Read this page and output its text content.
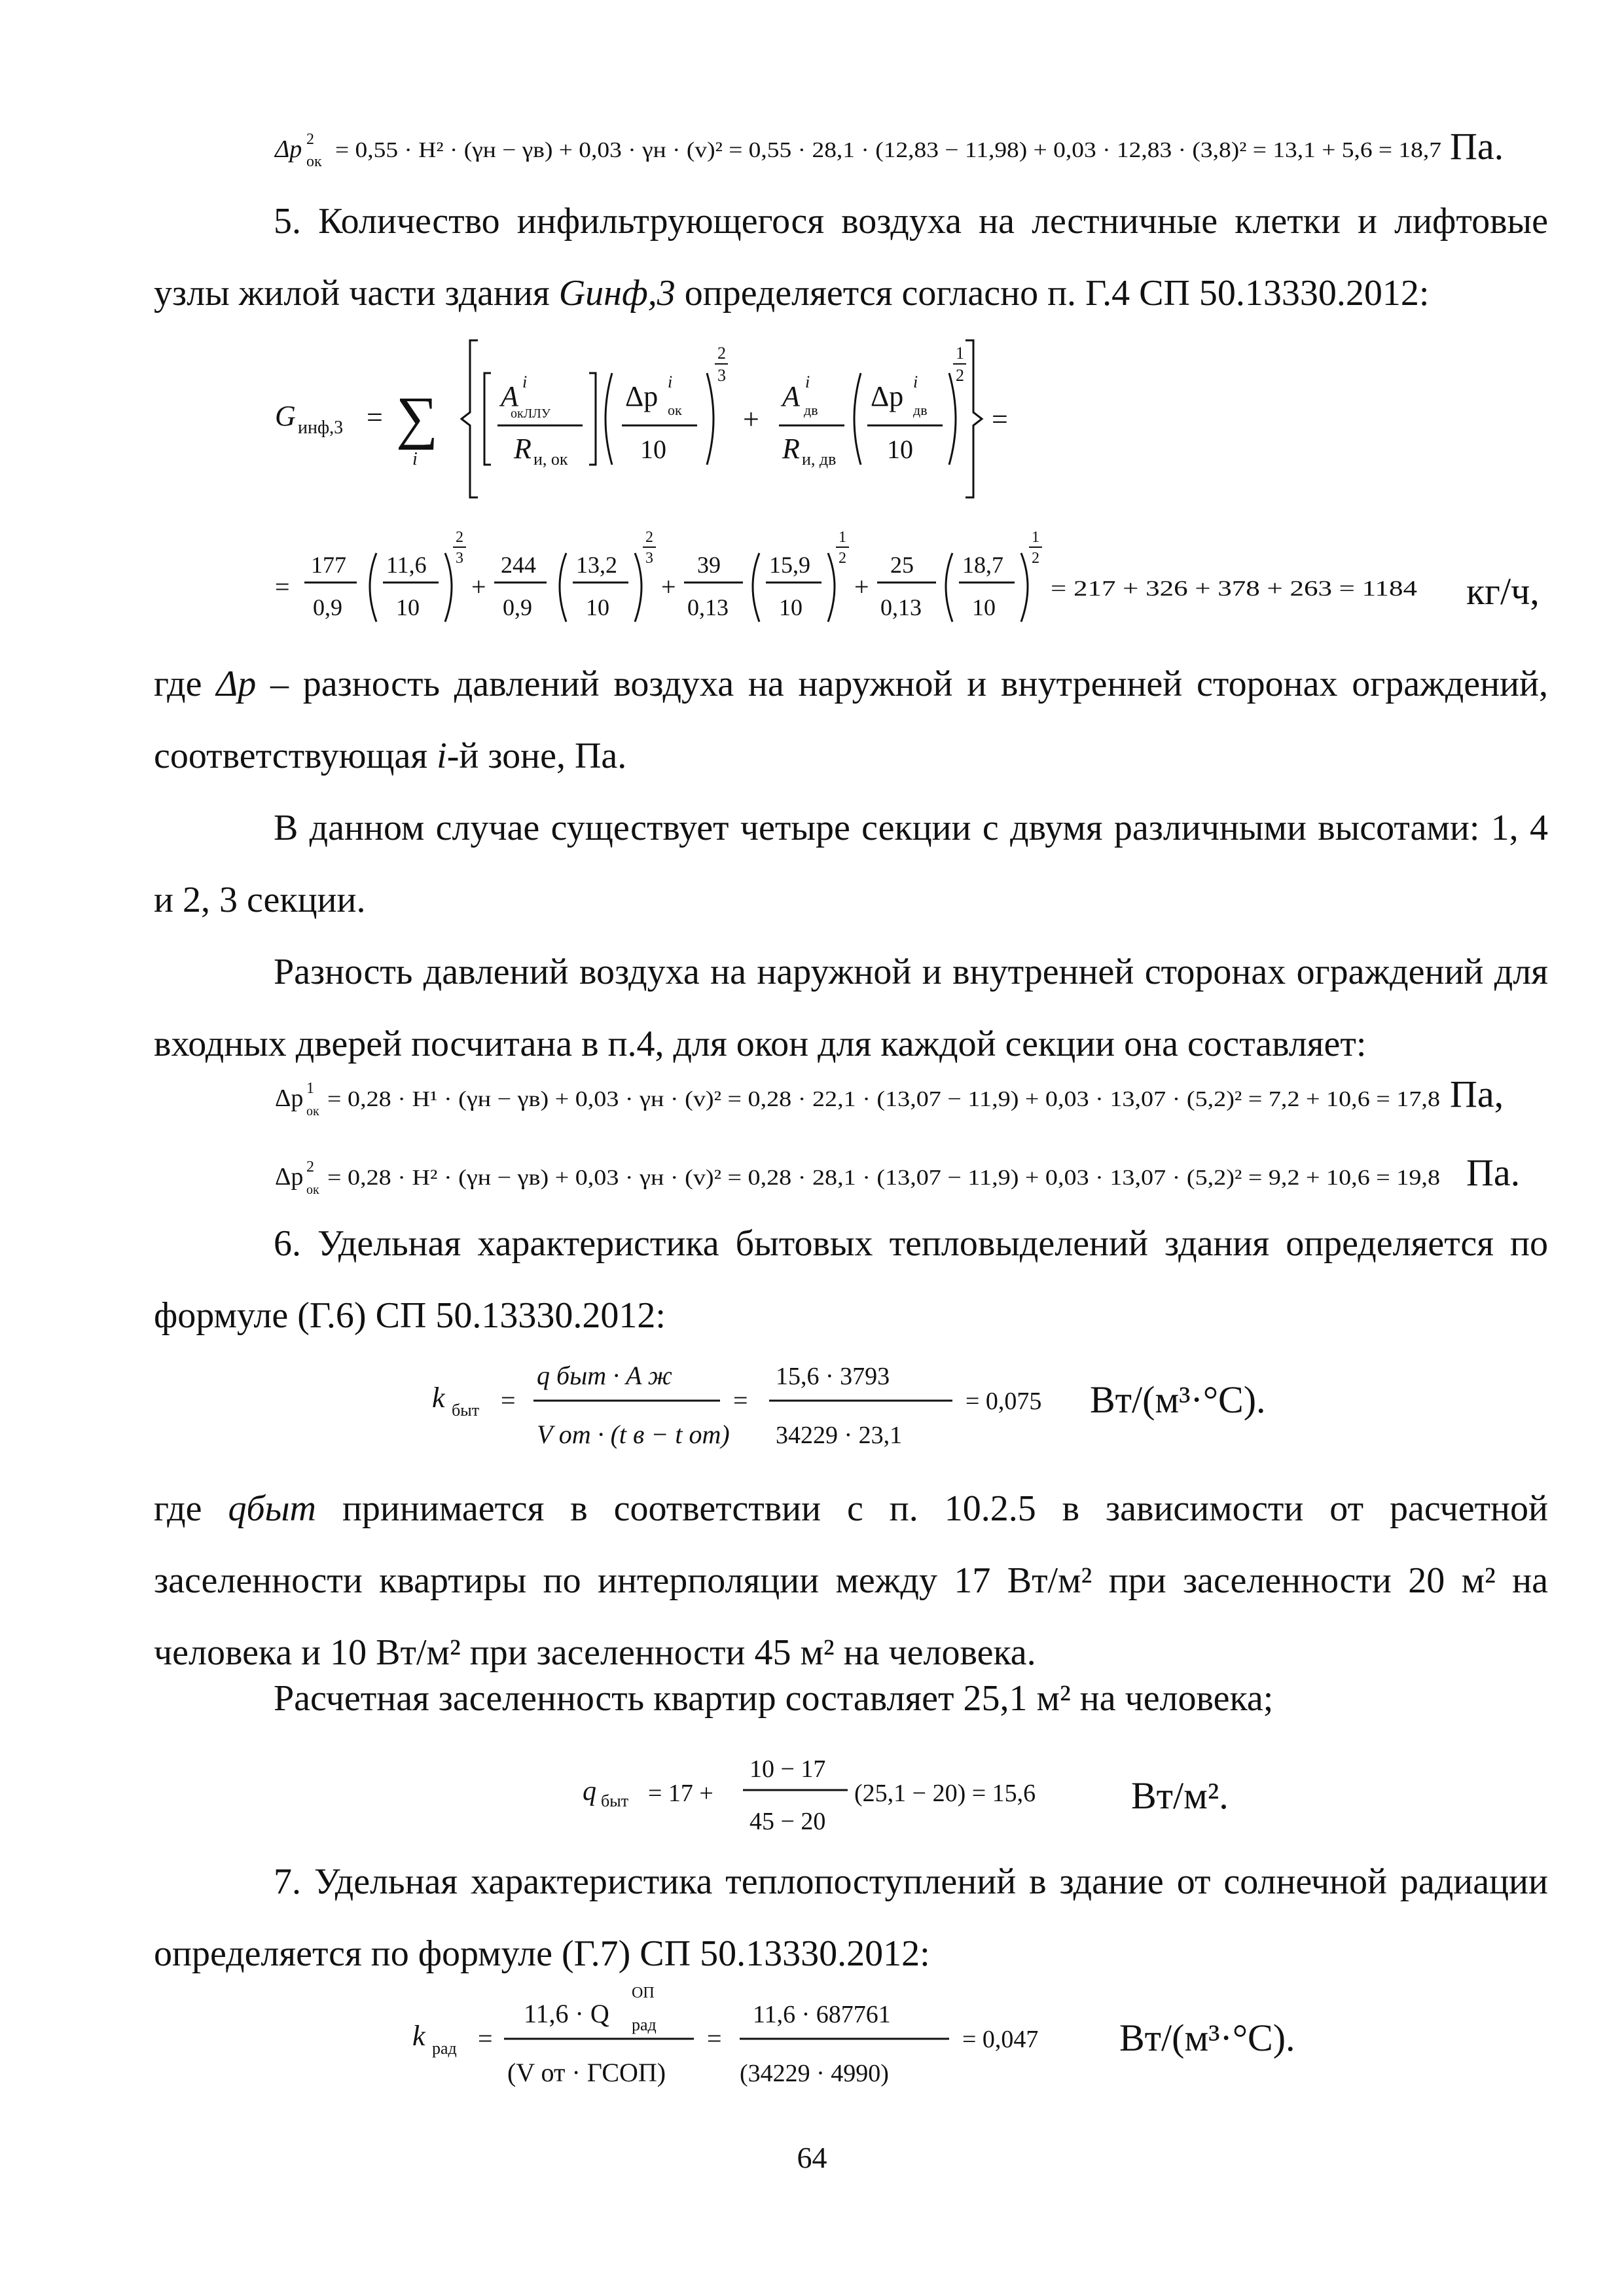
Δp 2
ок = 0,55 · H² · (γн − γв) + 0,03 · γн · (v)² = 0,55 · 28,1 · (12,83 − 11,98) + 0,03 · 12,83 · (3,8)² = 13,1 + 5,6 = 18,7 Па.
5. Количество инфильтрующегося воздуха на лестничные клетки и лифтовые узлы жилой части здания Gинф,3 определяется согласно п. Г.4 СП 50.13330.2012:
G инф,3 = ∑
i
A i
окЛЛУ
R и, ок
Δp i
ок
10
2
3
+
A i
дв
R и, дв
Δp i
дв
10
1
2
=
=
177
0,9
11,6
10
2
3
+
244
0,9
13,2
10
2
3
+
39
0,13
15,9
10
1
2
+
25
0,13
18,7
10
1
2
= 217 + 326 + 378 + 263 = 1184 кг/ч,
где Δp – разность давлений воздуха на наружной и внутренней сторонах ограждений, соответствующая i-й зоне, Па.
В данном случае существует четыре секции с двумя различными высотами: 1, 4 и 2, 3 секции.
Разность давлений воздуха на наружной и внутренней сторонах ограждений для входных дверей посчитана в п.4, для окон для каждой секции она составляет:
Δp 1
ок = 0,28 · H¹ · (γн − γв) + 0,03 · γн · (v)² = 0,28 · 22,1 · (13,07 − 11,9) + 0,03 · 13,07 · (5,2)² = 7,2 + 10,6 = 17,8 Па,
Δp 2
ок = 0,28 · H² · (γн − γв) + 0,03 · γн · (v)² = 0,28 · 28,1 · (13,07 − 11,9) + 0,03 · 13,07 · (5,2)² = 9,2 + 10,6 = 19,8 Па.
6. Удельная характеристика бытовых тепловыделений здания определяется по формуле (Г.6) СП 50.13330.2012:
k быт =
q быт · A ж
V от · (t в − t от)
=
15,6 · 3793
34229 · 23,1
= 0,075 Вт/(м³·°С).
где qбыт принимается в соответствии с п. 10.2.5 в зависимости от расчетной заселенности квартиры по интерполяции между 17 Вт/м² при заселенности 20 м² на человека и 10 Вт/м² при заселенности 45 м² на человека.
Расчетная заселенность квартир составляет 25,1 м² на человека;
q быт = 17 +
10 − 17
45 − 20
(25,1 − 20) = 15,6	Вт/м².
7. Удельная характеристика теплопоступлений в здание от солнечной радиации определяется по формуле (Г.7) СП 50.13330.2012:
k рад =
11,6 · Q
ОП
рад
(V от · ГСОП)
=
11,6 · 687761
(34229 · 4990)
= 0,047 Вт/(м³·°С).
64
